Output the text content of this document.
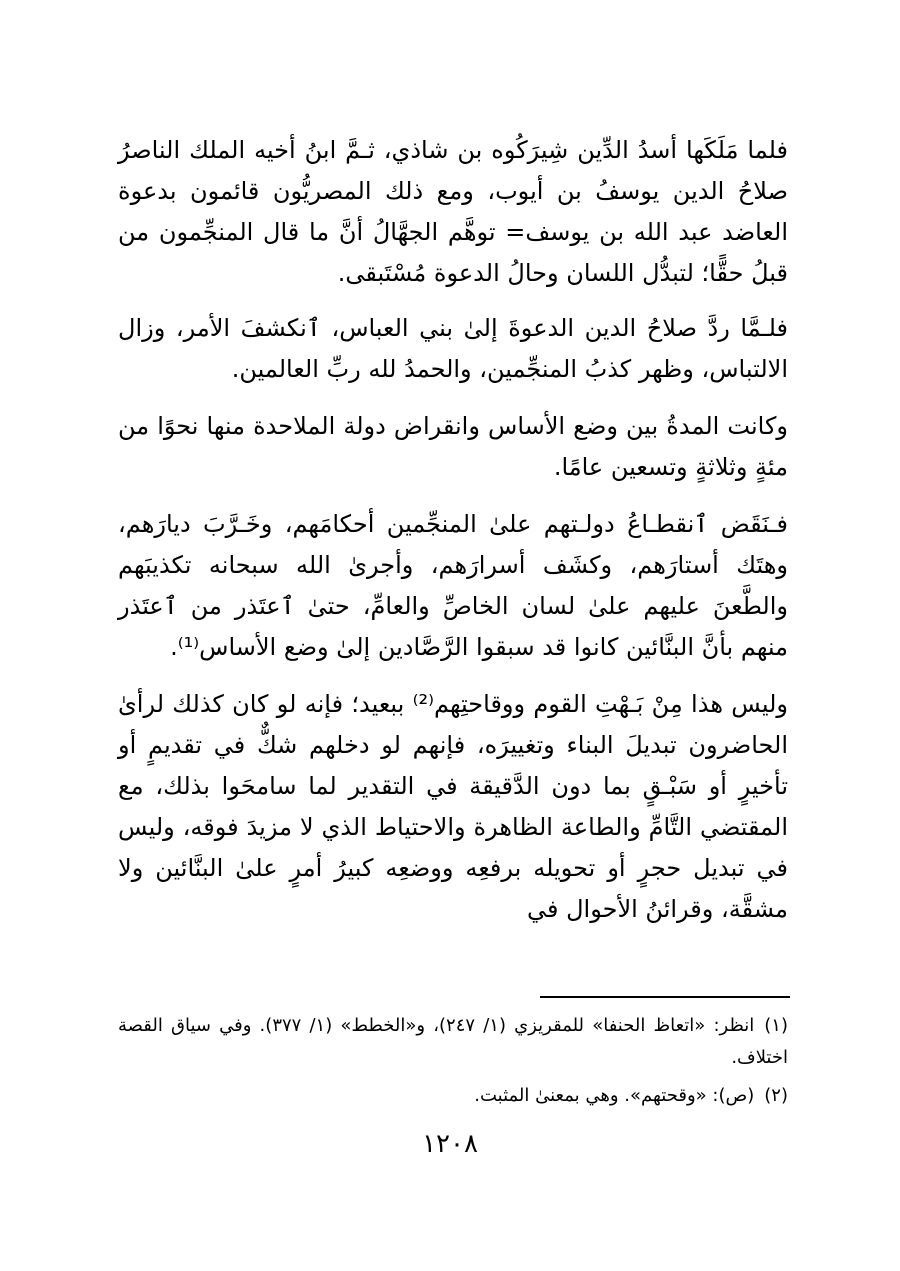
فلما مَلَكَها أسدُ الدِّين شِيرَكُوه بن شاذي، ثـمَّ ابنُ أخيه الملك الناصرُ صلاحُ الدين يوسفُ بن أيوب، ومع ذلك المصريُّون قائمون بدعوة العاضد عبد الله بن يوسف= توهَّم الجهَّالُ أنَّ ما قال المنجِّمون من قبلُ حقًّا؛ لتبدُّل اللسان وحالُ الدعوة مُسْتَبقى.

فلـمَّا ردَّ صلاحُ الدين الدعوةَ إلىٰ بني العباس، ٱنكشفَ الأمر، وزال الالتباس، وظهر كذبُ المنجِّمين، والحمدُ لله ربِّ العالمين.

وكانت المدةُ بين وضع الأساس وانقراض دولة الملاحدة منها نحوًا من مئةٍ وثلاثةٍ وتسعين عامًا.

فـنَقَض ٱنقطـاعُ دولـتهم علىٰ المنجِّمين أحكامَهم، وخَـرَّبَ ديارَهم، وهتَك أستارَهم، وكشَف أسرارَهم، وأجرىٰ الله سبحانه تكذيبَهم والطَّعنَ عليهم علىٰ لسان الخاصِّ والعامِّ، حتىٰ ٱعتَذر من ٱعتَذر منهم بأنَّ البنَّائين كانوا قد سبقوا الرَّصَّادين إلىٰ وضع الأساس⁽¹⁾.

وليس هذا مِنْ بَـهْتِ القوم ووقاحتِهم⁽²⁾ ببعيد؛ فإنه لو كان كذلك لرأىٰ الحاضرون تبديلَ البناء وتغييرَه، فإنهم لو دخلهم شكٌّ في تقديمٍ أو تأخيرٍ أو سَبْـقٍ بما دون الدَّقيقة في التقدير لما سامحَوا بذلك، مع المقتضي التَّامِّ والطاعة الظاهرة والاحتياط الذي لا مزيدَ فوقه، وليس في تبديل حجرٍ أو تحويله برفعِه ووضعِه كبيرُ أمرٍ علىٰ البنَّائين ولا مشقَّة، وقرائنُ الأحوال في

(١)انظر: «اتعاظ الحنفا» للمقريزي (١/ ٢٤٧)، و«الخطط» (١/ ٣٧٧). وفي سياق القصة اختلاف.

(٢)(ص): «وقحتهم». وهي بمعنىٰ المثبت.

١٢٠٨
